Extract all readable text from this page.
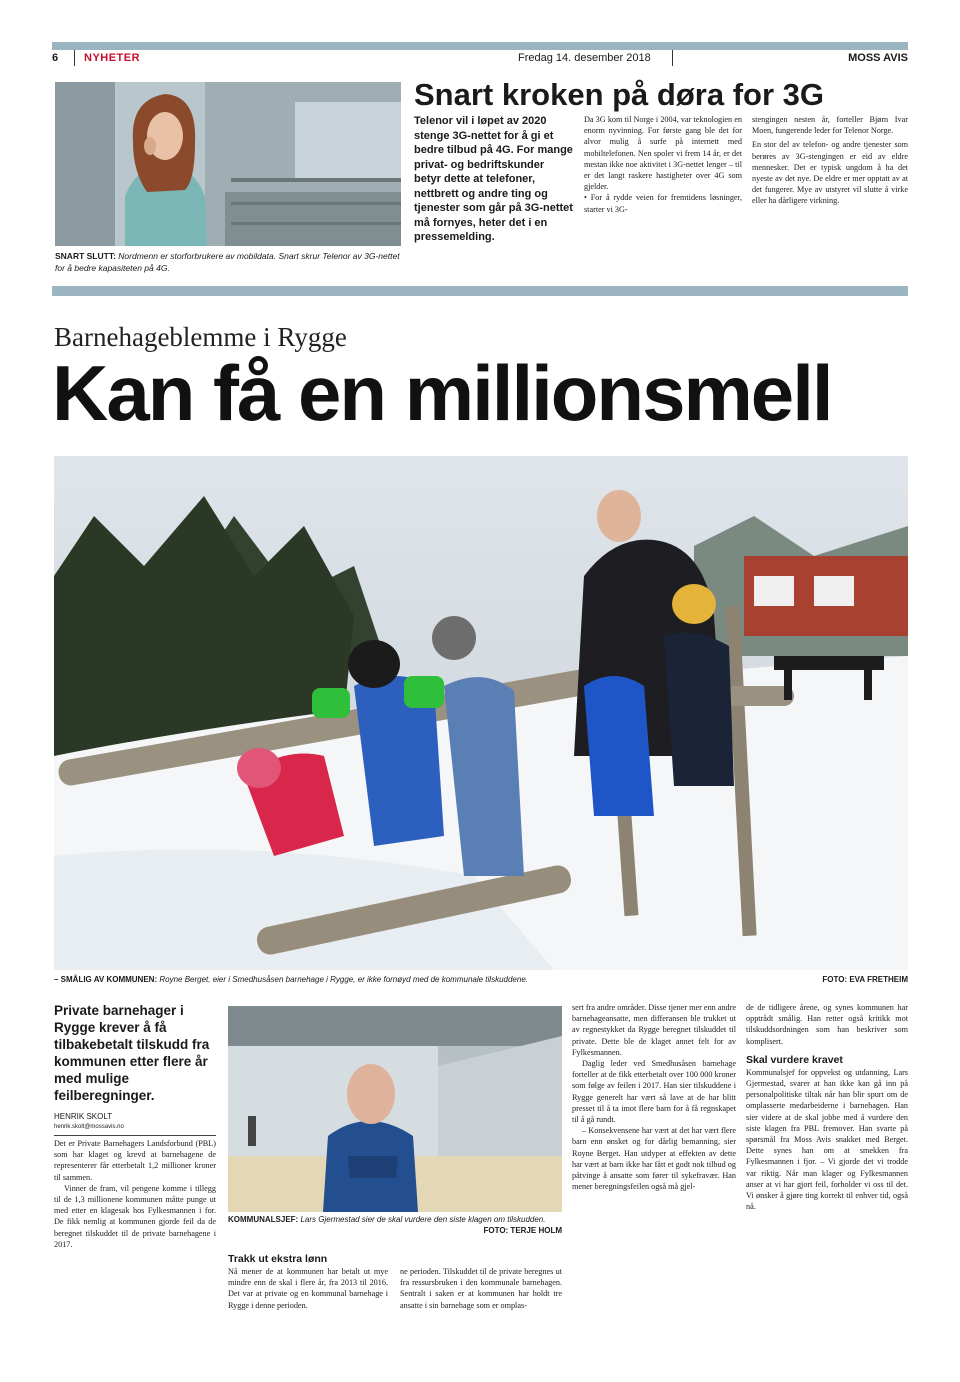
6 NYHETER	Fredag 14. desember 2018	MOSS AVIS
SNART SLUTT: Nordmenn er storforbrukere av mobildata. Snart skrur Telenor av 3G-nettet for å bedre kapasiteten på 4G.
Snart kroken på døra for 3G
Telenor vil i løpet av 2020 stenge 3G-nettet for å gi et bedre tilbud på 4G. For mange privat- og bedriftskunder betyr dette at telefoner, nettbrett og andre ting og tjenester som går på 3G-nettet må fornyes, heter det i en pressemelding.

Da 3G kom til Norge i 2004, var teknologien en enorm nyvinning. For første gang ble det for alvor mulig å surfe på internett med mobiltelefonen. Nen spoler vi frem 14 år, er det mestan ikke noe aktivitet i 3G-nettet lenger – til er det langt raskere hastigheter over 4G som gjelder.

• For å rydde veien for fremtidens løsninger, starter vi 3G-

stengingen nesten år, forteller Bjørn Ivar Moen, fungerende leder for Telenor Norge.

En stor del av telefon- og andre tjenester som berøres av 3G-stengingen er eid av eldre mennesker. Det er typisk ungdom å ha det nyeste av det nye. De eldre er mer opptatt av at det fungerer. Mye av utstyret vil slutte å virke eller ha dårligere virkning.

Barnehageblemme i Rygge
Kan få en millionsmell
– SMÅLIG AV KOMMUNEN: Royne Berget, eier i Smedhusåsen barnehage i Rygge, er ikke fornøyd med de kommunale tilskuddene.	FOTO: EVA FRETHEIM
Private barnehager i Rygge krever å få tilbakebetalt tilskudd fra kommunen etter flere år med mulige feilberegninger.
HENRIK SKOLT
henrik.skolt@mossavis.no

Det er Private Barnehagers Landsforbund (PBL) som har klaget og krevd at barnehagene de representerer får etterbetalt 1,2 millioner kroner til sammen.

Vinner de fram, vil pengene komme i tillegg til de 1,3 millionene kommunen måtte punge ut med etter en klagesak hos Fylkesmannen i for. De fikk nemlig at kommunen gjorde feil da de beregnet tilskuddet til de private barnehagene i 2017.

KOMMUNALSJEF: Lars Gjermestad sier de skal vurdere den siste klagen om tilskudden.
FOTO: TERJE HOLM
Trakk ut ekstra lønn

Nå mener de at kommunen har betalt ut mye mindre enn de skal i flere år, fra 2013 til 2016. Det var at private og en kommunal barnehage i Rygge i denne perioden.

ne perioden. Tilskuddet til de private beregnes ut fra ressursbruken i den kommunale barnehagen. Sentralt i saken er at kommunen har holdt tre ansatte i sin barnehage som er omplas-

sert fra andre områder. Disse tjener mer enn andre barnehageansatte, men differansen ble trukket ut av regnestykket da Rygge beregnet tilskuddet til private. Dette ble de klaget annet felt for av Fylkesmannen.

Daglig leder ved Smedhusåsen barnehage forteller at de fikk etterbetalt over 100 000 kroner som følge av feilen i 2017. Han sier tilskuddene i Rygge generelt har vært så lave at de har blitt presset til å ta imot flere barn for å få regnskapet til å gå rundt.

– Konsekvensene har vært at det har vært flere barn enn ønsket og for dårlig bemanning, sier Royne Berget. Han utdyper at effekten av dette har vært at barn ikke har fått et godt nok tilbud og påtvinge å ansatte som fører til sykefravær. Han mener beregningsfeilen også må gjel-

de de tidligere årene, og synes kommunen har opptrådt smålig. Han retter også kritikk mot tilskuddsordningen som han beskriver som komplisert.

Skal vurdere kravet

Kommunalsjef for oppvekst og utdanning, Lars Gjermestad, svarer at han ikke kan gå inn på personalpolitiske tiltak når han blir spurt om de omplasserte medarbeiderne i barnehagen. Han sier videre at de skal jobbe med å vurdere den siste klagen fra PBL fremover. Han svarte på spørsmål fra Moss Avis snakket med Berget. Dette synes han om at smekken fra Fylkesmannen i fjor. – Vi gjorde det vi trodde var riktig. Når man klager og Fylkesmannen anser at vi har gjort feil, forholder vi oss til det. Vi ønsker å gjøre ting korrekt til enhver tid, også nå.
